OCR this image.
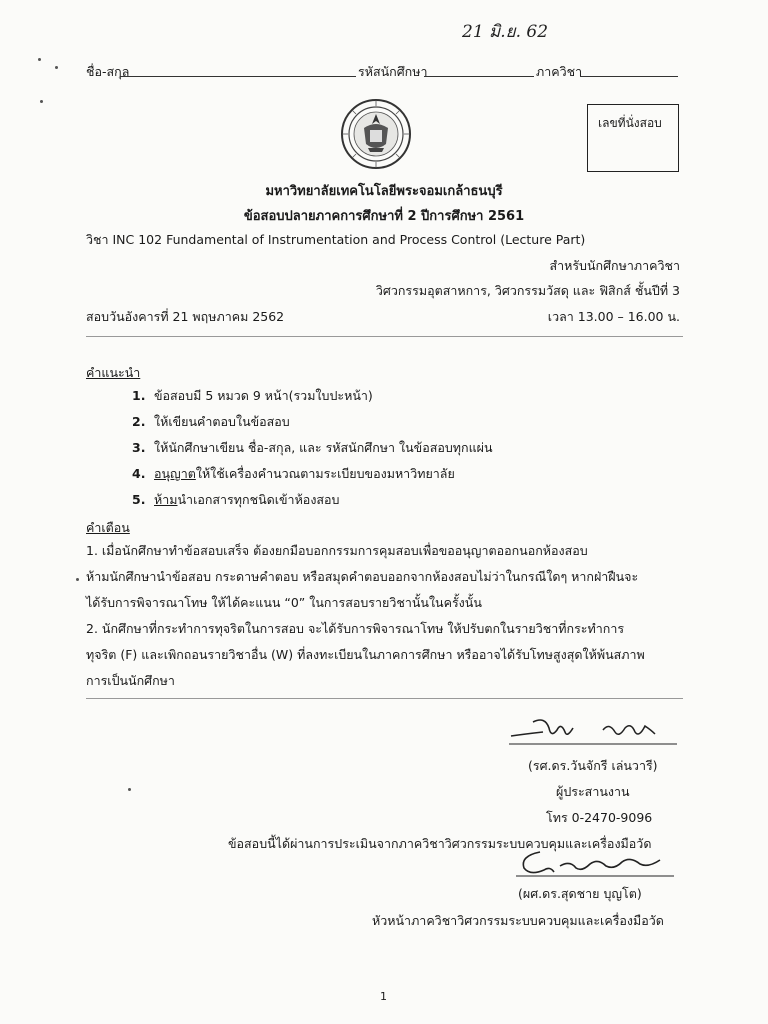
21 มิ.ย. 62
ชื่อ-สกุล	รหัสนักศึกษา	ภาควิชา
เลขที่นั่งสอบ
มหาวิทยาลัยเทคโนโลยีพระจอมเกล้าธนบุรี
ข้อสอบปลายภาคการศึกษาที่ 2 ปีการศึกษา 2561
วิชา INC 102 Fundamental of Instrumentation and Process Control (Lecture Part)
สำหรับนักศึกษาภาควิชา
วิศวกรรมอุตสาหการ, วิศวกรรมวัสดุ และ ฟิสิกส์ ชั้นปีที่ 3
สอบวันอังคารที่ 21 พฤษภาคม 2562	เวลา 13.00 – 16.00 น.
คำแนะนำ
1. ข้อสอบมี 5 หมวด 9 หน้า(รวมใบปะหน้า)
2. ให้เขียนคำตอบในข้อสอบ
3. ให้นักศึกษาเขียน ชื่อ-สกุล, และ รหัสนักศึกษา ในข้อสอบทุกแผ่น
4. อนุญาตให้ใช้เครื่องคำนวณตามระเบียบของมหาวิทยาลัย
5. ห้ามนำเอกสารทุกชนิดเข้าห้องสอบ
คำเตือน
1. เมื่อนักศึกษาทำข้อสอบเสร็จ ต้องยกมือบอกกรรมการคุมสอบเพื่อขออนุญาตออกนอกห้องสอบ
ห้ามนักศึกษานำข้อสอบ กระดาษคำตอบ หรือสมุดคำตอบออกจากห้องสอบไม่ว่าในกรณีใดๆ หากฝ่าฝืนจะ
ได้รับการพิจารณาโทษ ให้ได้คะแนน “0” ในการสอบรายวิชานั้นในครั้งนั้น
2. นักศึกษาที่กระทำการทุจริตในการสอบ จะได้รับการพิจารณาโทษ ให้ปรับตกในรายวิชาที่กระทำการ
ทุจริต (F) และเพิกถอนรายวิชาอื่น (W) ที่ลงทะเบียนในภาคการศึกษา หรืออาจได้รับโทษสูงสุดให้พ้นสภาพ
การเป็นนักศึกษา
(รศ.ดร.วันจักรี เล่นวารี)
ผู้ประสานงาน
โทร 0-2470-9096
ข้อสอบนี้ได้ผ่านการประเมินจากภาควิชาวิศวกรรมระบบควบคุมและเครื่องมือวัด
(ผศ.ดร.สุดชาย บุญโต)
หัวหน้าภาควิชาวิศวกรรมระบบควบคุมและเครื่องมือวัด
1
